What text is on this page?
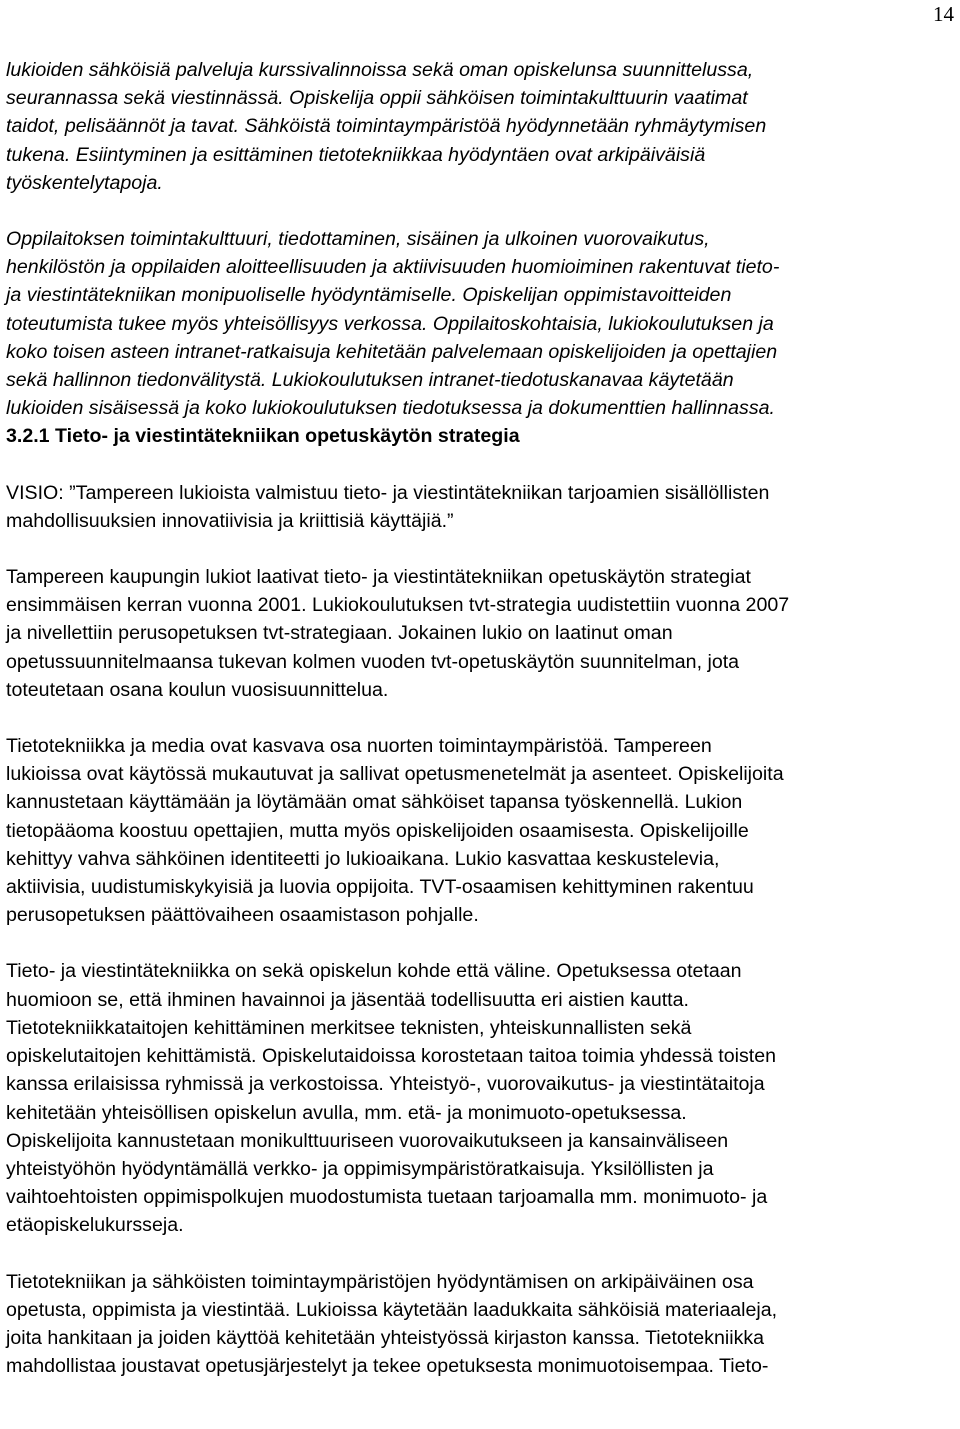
14

lukioiden sähköisiä palveluja kurssivalinnoissa sekä oman opiskelunsa suunnittelussa,
seurannassa sekä viestinnässä. Opiskelija oppii sähköisen toimintakulttuurin vaatimat
taidot, pelisäännöt ja tavat. Sähköistä toimintaympäristöä hyödynnetään ryhmäytymisen
tukena. Esiintyminen ja esittäminen tietotekniikkaa hyödyntäen ovat arkipäiväisiä
työskentelytapoja.

Oppilaitoksen toimintakulttuuri, tiedottaminen, sisäinen ja ulkoinen vuorovaikutus,
henkilöstön ja oppilaiden aloitteellisuuden ja aktiivisuuden huomioiminen rakentuvat tieto-
ja viestintätekniikan monipuoliselle hyödyntämiselle. Opiskelijan oppimistavoitteiden
toteutumista tukee myös yhteisöllisyys verkossa. Oppilaitoskohtaisia, lukiokoulutuksen ja
koko toisen asteen intranet-ratkaisuja kehitetään palvelemaan opiskelijoiden ja opettajien
sekä hallinnon tiedonvälitystä. Lukiokoulutuksen intranet-tiedotuskanavaa käytetään
lukioiden sisäisessä ja koko lukiokoulutuksen tiedotuksessa ja dokumenttien hallinnassa.

3.2.1 Tieto- ja viestintätekniikan opetuskäytön strategia

VISIO: ”Tampereen lukioista valmistuu tieto- ja viestintätekniikan tarjoamien sisällöllisten
mahdollisuuksien innovatiivisia ja kriittisiä käyttäjiä.”

Tampereen kaupungin lukiot laativat tieto- ja viestintätekniikan opetuskäytön strategiat
ensimmäisen kerran vuonna 2001. Lukiokoulutuksen tvt-strategia uudistettiin vuonna 2007
ja nivellettiin perusopetuksen tvt-strategiaan. Jokainen lukio on laatinut oman
opetussuunnitelmaansa tukevan kolmen vuoden tvt-opetuskäytön suunnitelman, jota
toteutetaan osana koulun vuosisuunnittelua.

Tietotekniikka ja media ovat kasvava osa nuorten toimintaympäristöä. Tampereen
lukioissa ovat käytössä mukautuvat ja sallivat opetusmenetelmät ja asenteet. Opiskelijoita
kannustetaan käyttämään ja löytämään omat sähköiset tapansa työskennellä. Lukion
tietopääoma koostuu opettajien, mutta myös opiskelijoiden osaamisesta. Opiskelijoille
kehittyy vahva sähköinen identiteetti jo lukioaikana. Lukio kasvattaa keskustelevia,
aktiivisia, uudistumiskykyisiä ja luovia oppijoita. TVT-osaamisen kehittyminen rakentuu
perusopetuksen päättövaiheen osaamistason pohjalle.

Tieto- ja viestintätekniikka on sekä opiskelun kohde että väline. Opetuksessa otetaan
huomioon se, että ihminen havainnoi ja jäsentää todellisuutta eri aistien kautta.
Tietotekniikkataitojen kehittäminen merkitsee teknisten, yhteiskunnallisten sekä
opiskelutaitojen kehittämistä. Opiskelutaidoissa korostetaan taitoa toimia yhdessä toisten
kanssa erilaisissa ryhmissä ja verkostoissa. Yhteistyö-, vuorovaikutus- ja viestintätaitoja
kehitetään yhteisöllisen opiskelun avulla, mm. etä- ja monimuoto-opetuksessa.
Opiskelijoita kannustetaan monikulttuuriseen vuorovaikutukseen ja kansainväliseen
yhteistyöhön hyödyntämällä verkko- ja oppimisympäristöratkaisuja. Yksilöllisten ja
vaihtoehtoisten oppimispolkujen muodostumista tuetaan tarjoamalla mm. monimuoto- ja
etäopiskelukursseja.

Tietotekniikan ja sähköisten toimintaympäristöjen hyödyntämisen on arkipäiväinen osa
opetusta, oppimista ja viestintää. Lukioissa käytetään laadukkaita sähköisiä materiaaleja,
joita hankitaan ja joiden käyttöä kehitetään yhteistyössä kirjaston kanssa. Tietotekniikka
mahdollistaa joustavat opetusjärjestelyt ja tekee opetuksesta monimuotoisempaa. Tieto-
